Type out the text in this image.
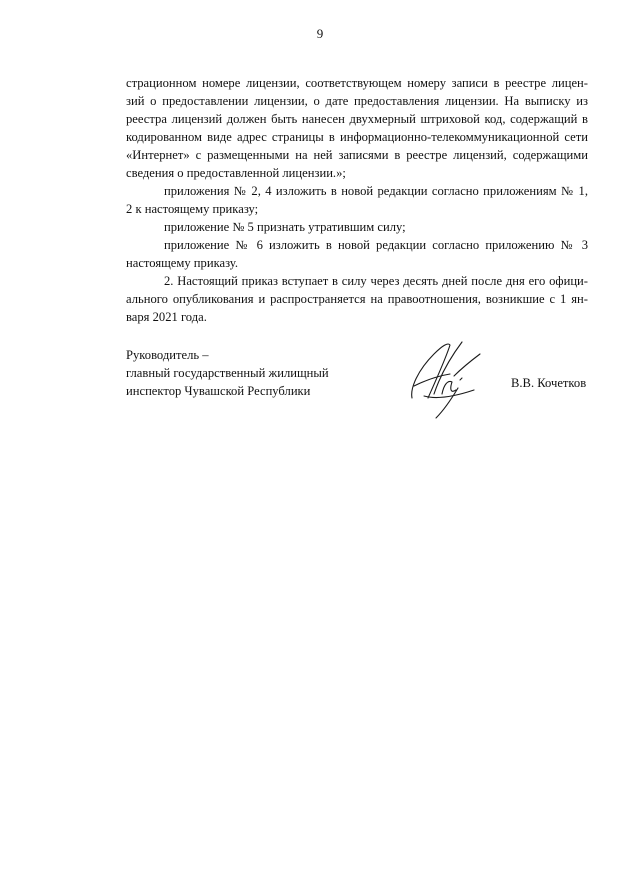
9
страционном номере лицензии, соответствующем номеру записи в реестре лицен-
зий о предоставлении лицензии, о дате предоставления лицензии. На выписку из
реестра лицензий должен быть нанесен двухмерный штриховой код, содержащий в
кодированном виде адрес страницы в информационно-телекоммуникационной сети
«Интернет» с размещенными на ней записями в реестре лицензий, содержащими
сведения о предоставленной лицензии.»;
приложения № 2, 4 изложить в новой редакции согласно приложениям № 1,
2 к настоящему приказу;
приложение № 5 признать утратившим силу;
приложение № 6 изложить в новой редакции согласно приложению № 3
настоящему приказу.
2. Настоящий приказ вступает в силу через десять дней после дня его офици-
ального опубликования и распространяется на правоотношения, возникшие с 1 ян-
варя 2021 года.
Руководитель –
главный государственный жилищный
инспектор Чувашской Республики
В.В. Кочетков
